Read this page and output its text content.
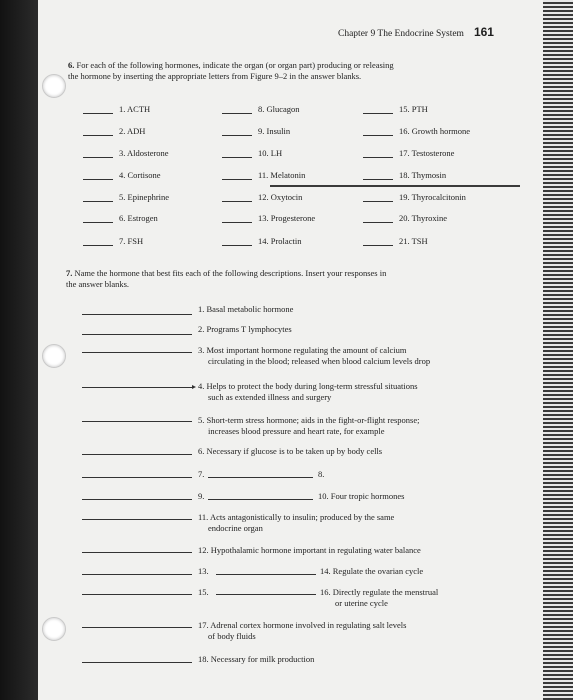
Chapter 9 The Endocrine System 161
6. For each of the following hormones, indicate the organ (or organ part) producing or releasing the hormone by inserting the appropriate letters from Figure 9–2 in the answer blanks.
1. ACTH
2. ADH
3. Aldosterone
4. Cortisone
5. Epinephrine
6. Estrogen
7. FSH
8. Glucagon
9. Insulin
10. LH
11. Melatonin
12. Oxytocin
13. Progesterone
14. Prolactin
15. PTH
16. Growth hormone
17. Testosterone
18. Thymosin
19. Thyrocalcitonin
20. Thyroxine
21. TSH
7. Name the hormone that best fits each of the following descriptions. Insert your responses in the answer blanks.
1. Basal metabolic hormone
2. Programs T lymphocytes
3. Most important hormone regulating the amount of calcium
circulating in the blood; released when blood calcium levels drop
4. Helps to protect the body during long-term stressful situations
such as extended illness and surgery
5. Short-term stress hormone; aids in the fight-or-flight response;
increases blood pressure and heart rate, for example
6. Necessary if glucose is to be taken up by body cells
7.	8.
9.	10. Four tropic hormones
11. Acts antagonistically to insulin; produced by the same
endocrine organ
12. Hypothalamic hormone important in regulating water balance
13.	14. Regulate the ovarian cycle
15.	16. Directly regulate the menstrual
or uterine cycle
17. Adrenal cortex hormone involved in regulating salt levels
of body fluids
18. Necessary for milk production
